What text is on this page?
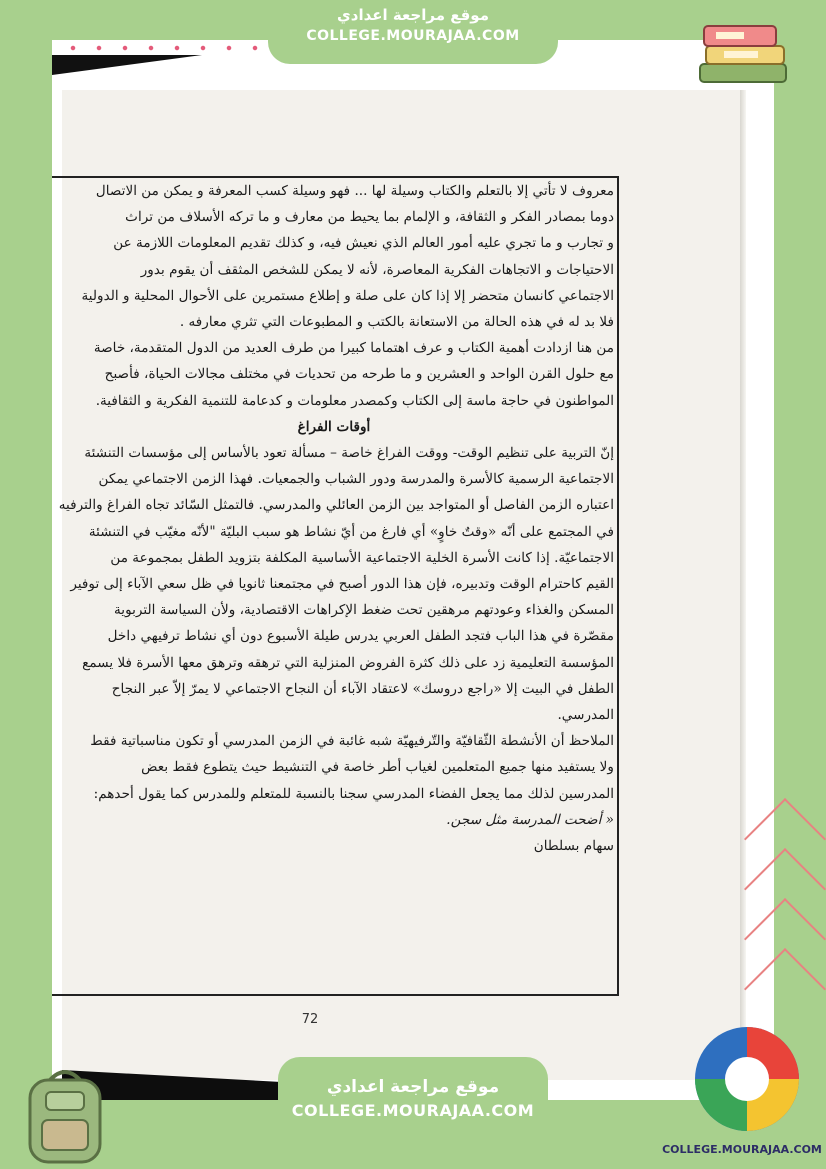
موقع مراجعة اعدادي
COLLEGE.MOURAJAA.COM
معروف لا تأتي إلا بالتعلم والكتاب وسيلة لها ... فهو وسيلة كسب المعرفة و يمكن من الاتصال
دوما بمصادر الفكر و الثقافة، و الإلمام بما يحيط من معارف و ما تركه الأسلاف من تراث
و تجارب و ما تجري عليه أمور العالم الذي نعيش فيه، و كذلك تقديم المعلومات اللازمة عن
الاحتياجات و الاتجاهات الفكرية المعاصرة، لأنه لا يمكن للشخص المثقف أن يقوم بدور
الاجتماعي كانسان متحضر إلا إذا كان على صلة و إطلاع مستمرين على الأحوال المحلية و الدولية
فلا بد له في هذه الحالة من الاستعانة بالكتب و المطبوعات التي تثري معارفه .
من هنا ازدادت أهمية الكتاب و عرف اهتماما كبيرا من طرف العديد من الدول المتقدمة، خاصة
مع حلول القرن الواحد و العشرين و ما طرحه من تحديات في مختلف مجالات الحياة، فأصبح
المواطنون في حاجة ماسة إلى الكتاب وكمصدر معلومات و كدعامة للتنمية الفكرية و الثقافية.
أوقات الفراغ
إنّ التربية على تنظيم الوقت- ووقت الفراغ خاصة – مسألة تعود بالأساس إلى مؤسسات التنشئة
الاجتماعية الرسمية كالأسرة والمدرسة ودور الشباب والجمعيات. فهذا الزمن الاجتماعي يمكن
اعتباره الزمن الفاصل أو المتواجد بين الزمن العائلي والمدرسي. فالتمثل السّائد تجاه الفراغ والترفيه
في المجتمع على أنّه «وقتٌ خاوٍ» أي فارغ من أيّ نشاط هو سبب البليّة "لأنّه مغيّب في التنشئة
الاجتماعيّة. إذا كانت الأسرة الخلية الاجتماعية الأساسية المكلفة بتزويد الطفل بمجموعة من
القيم كاحترام الوقت وتدبيره، فإن هذا الدور أصبح في مجتمعنا ثانويا في ظل سعي الآباء إلى توفير
المسكن والغذاء وعودتهم مرهقين تحت ضغط الإكراهات الاقتصادية، ولأن السياسة التربوية
مقصّرة في هذا الباب فتجد الطفل العربي يدرس طيلة الأسبوع دون أي نشاط ترفيهي داخل
المؤسسة التعليمية زد على ذلك كثرة الفروض المنزلية التي ترهقه وترهق معها الأسرة فلا يسمع
الطفل في البيت إلا «راجع دروسك» لاعتقاد الآباء أن النجاح الاجتماعي لا يمرّ إلاّ عبر النجاح
المدرسي.
الملاحظ أن الأنشطة الثّقافيّة والتّرفيهيّة شبه غائبة في الزمن المدرسي أو تكون مناسباتية فقط
ولا يستفيد منها جميع المتعلمين لغياب أطر خاصة في التنشيط حيث يتطوع فقط بعض
المدرسين لذلك مما يجعل الفضاء المدرسي سجنا بالنسبة للمتعلم وللمدرس كما يقول أحدهم:
« أضحت المدرسة مثل سجن.
سهام بسلطان
72
موقع مراجعة اعدادي
COLLEGE.MOURAJAA.COM
COLLEGE.MOURAJAA.COM
